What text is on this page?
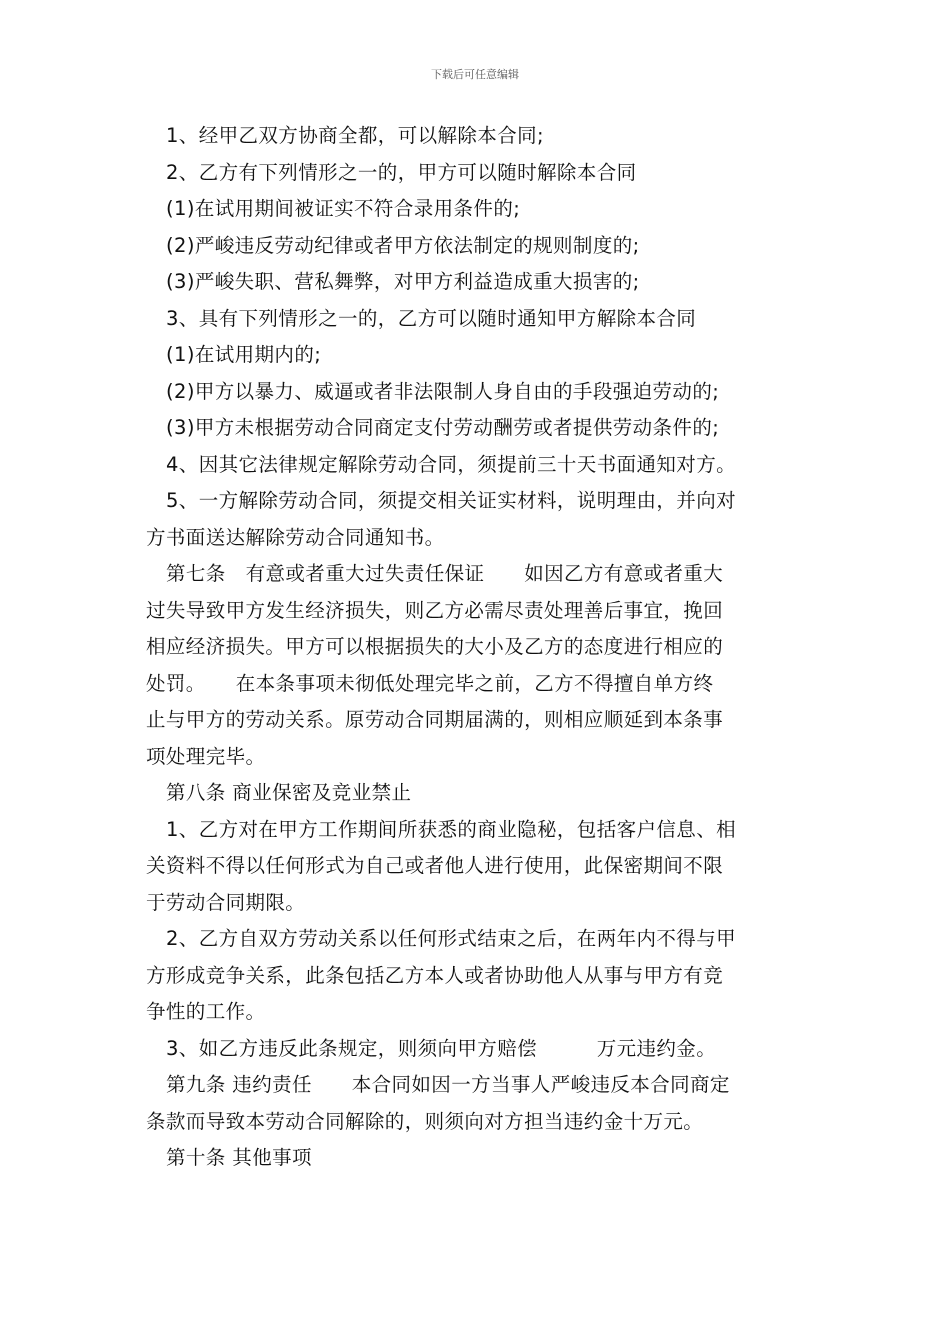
下载后可任意编辑
1、经甲乙双方协商全都，可以解除本合同;
2、乙方有下列情形之一的，甲方可以随时解除本合同
(1)在试用期间被证实不符合录用条件的;
(2)严峻违反劳动纪律或者甲方依法制定的规则制度的;
(3)严峻失职、营私舞弊，对甲方利益造成重大损害的;
3、具有下列情形之一的，乙方可以随时通知甲方解除本合同
(1)在试用期内的;
(2)甲方以暴力、威逼或者非法限制人身自由的手段强迫劳动的;
(3)甲方未根据劳动合同商定支付劳动酬劳或者提供劳动条件的;
4、因其它法律规定解除劳动合同，须提前三十天书面通知对方。
5、一方解除劳动合同，须提交相关证实材料，说明理由，并向对
方书面送达解除劳动合同通知书。
第七条　有意或者重大过失责任保证　　如因乙方有意或者重大
过失导致甲方发生经济损失，则乙方必需尽责处理善后事宜，挽回
相应经济损失。甲方可以根据损失的大小及乙方的态度进行相应的
处罚。　　在本条事项未彻低处理完毕之前，乙方不得擅自单方终
止与甲方的劳动关系。原劳动合同期届满的，则相应顺延到本条事
项处理完毕。
第八条 商业保密及竞业禁止
1、乙方对在甲方工作期间所获悉的商业隐秘，包括客户信息、相
关资料不得以任何形式为自己或者他人进行使用，此保密期间不限
于劳动合同期限。
2、乙方自双方劳动关系以任何形式结束之后，在两年内不得与甲
方形成竞争关系，此条包括乙方本人或者协助他人从事与甲方有竞
争性的工作。
3、如乙方违反此条规定，则须向甲方赔偿　　　万元违约金。
第九条 违约责任　　本合同如因一方当事人严峻违反本合同商定
条款而导致本劳动合同解除的，则须向对方担当违约金十万元。
第十条 其他事项
